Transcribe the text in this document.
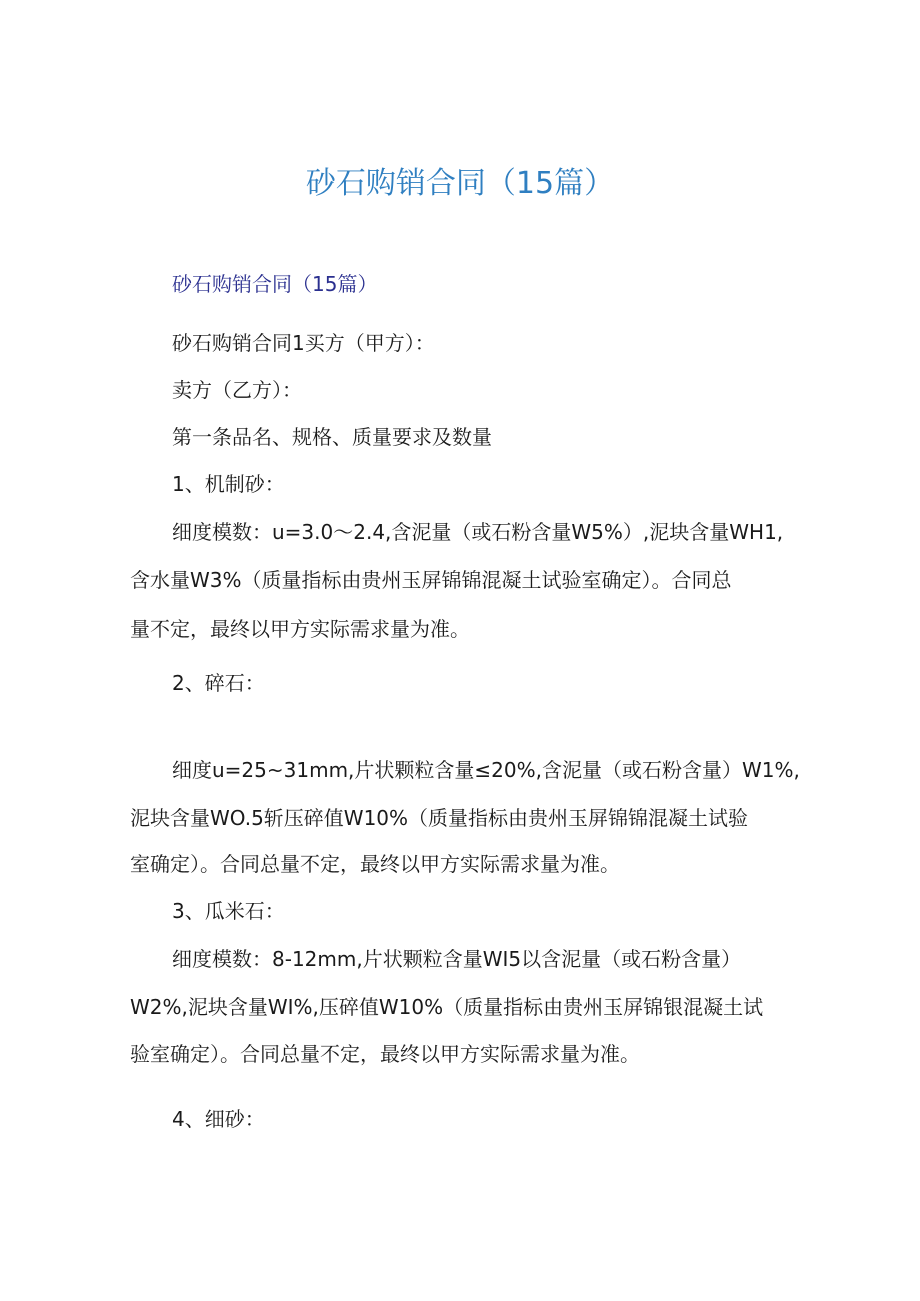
砂石购销合同（15篇）
砂石购销合同（15篇）
砂石购销合同1买方（甲方）：
卖方（乙方）：
第一条品名、规格、质量要求及数量
1、机制砂：
细度模数：u=3.0～2.4,含泥量（或石粉含量W5%）,泥块含量WH1,
含水量W3%（质量指标由贵州玉屏锦锦混凝土试验室确定）。合同总
量不定，最终以甲方实际需求量为准。
2、碎石：
细度u=25~31mm,片状颗粒含量≤20%,含泥量（或石粉含量）W1%,
泥块含量WO.5斩压碎值W10%（质量指标由贵州玉屏锦锦混凝土试验
室确定）。合同总量不定，最终以甲方实际需求量为准。
3、瓜米石：
细度模数：8-12mm,片状颗粒含量WI5以含泥量（或石粉含量）
W2%,泥块含量WI%,压碎值W10%（质量指标由贵州玉屏锦银混凝土试
验室确定）。合同总量不定，最终以甲方实际需求量为准。
4、细砂：
